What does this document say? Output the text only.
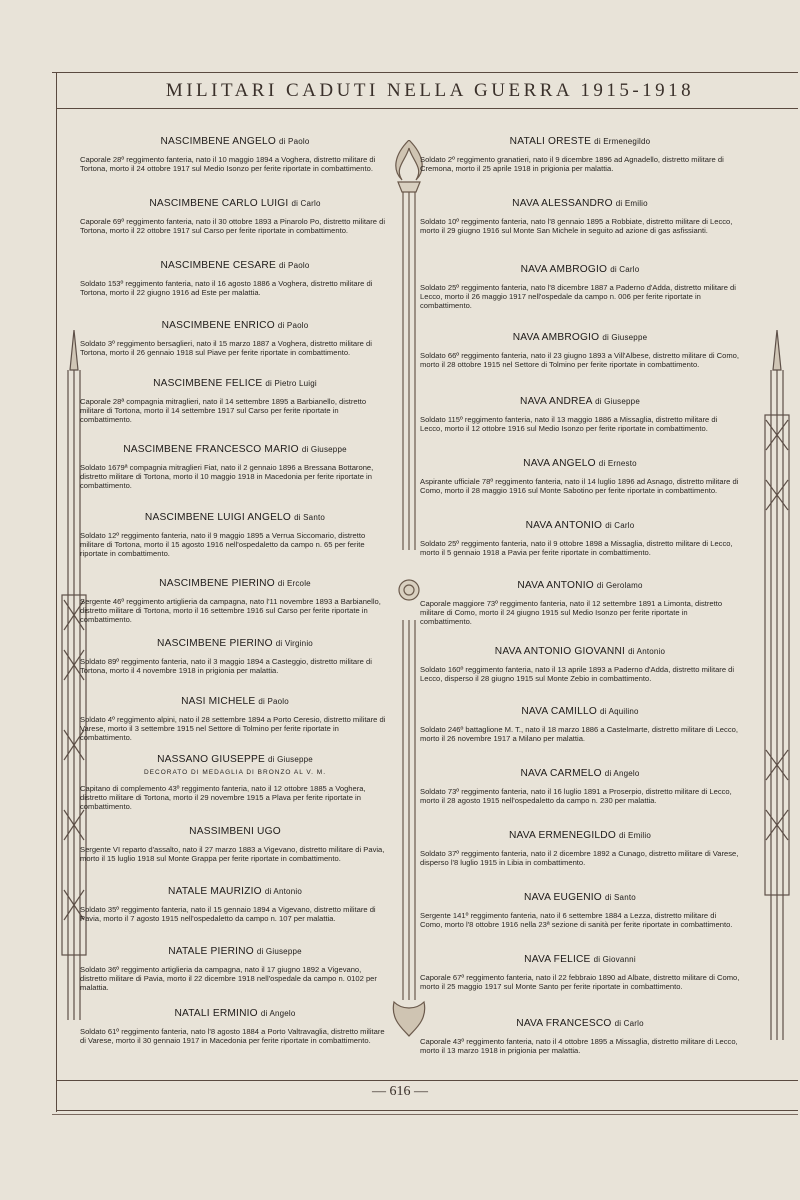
MILITARI CADUTI NELLA GUERRA 1915-1918
NASCIMBENE ANGELO di Paolo
Caporale 28º reggimento fanteria, nato il 10 maggio 1894 a Voghera, distretto militare di Tortona, morto il 24 ottobre 1917 sul Medio Isonzo per ferite riportate in combattimento.
NASCIMBENE CARLO LUIGI di Carlo
Caporale 69º reggimento fanteria, nato il 30 ottobre 1893 a Pinarolo Po, distretto militare di Tortona, morto il 22 ottobre 1917 sul Carso per ferite riportate in combattimento.
NASCIMBENE CESARE di Paolo
Soldato 153º reggimento fanteria, nato il 16 agosto 1886 a Voghera, distretto militare di Tortona, morto il 22 giugno 1916 ad Este per malattia.
NASCIMBENE ENRICO di Paolo
Soldato 3º reggimento bersaglieri, nato il 15 marzo 1887 a Voghera, distretto militare di Tortona, morto il 26 gennaio 1918 sul Piave per ferite riportate in combattimento.
NASCIMBENE FELICE di Pietro Luigi
Caporale 28ª compagnia mitraglieri, nato il 14 settembre 1895 a Barbianello, distretto militare di Tortona, morto il 14 settembre 1917 sul Carso per ferite riportate in combattimento.
NASCIMBENE FRANCESCO MARIO di Giuseppe
Soldato 1679ª compagnia mitraglieri Fiat, nato il 2 gennaio 1896 a Bressana Bottarone, distretto militare di Tortona, morto il 10 maggio 1918 in Macedonia per ferite riportate in combattimento.
NASCIMBENE LUIGI ANGELO di Santo
Soldato 12º reggimento fanteria, nato il 9 maggio 1895 a Verrua Siccomario, distretto militare di Tortona, morto il 15 agosto 1916 nell'ospedaletto da campo n. 65 per ferite riportate in combattimento.
NASCIMBENE PIERINO di Ercole
Sergente 46º reggimento artiglieria da campagna, nato l'11 novembre 1893 a Barbianello, distretto militare di Tortona, morto il 16 settembre 1916 sul Carso per ferite riportate in combattimento.
NASCIMBENE PIERINO di Virginio
Soldato 89º reggimento fanteria, nato il 3 maggio 1894 a Casteggio, distretto militare di Tortona, morto il 4 novembre 1918 in prigionia per malattia.
NASI MICHELE di Paolo
Soldato 4º reggimento alpini, nato il 28 settembre 1894 a Porto Ceresio, distretto militare di Varese, morto il 3 settembre 1915 nel Settore di Tolmino per ferite riportate in combattimento.
NASSANO GIUSEPPE di Giuseppe
DECORATO DI MEDAGLIA DI BRONZO AL V. M.
Capitano di complemento 43º reggimento fanteria, nato il 12 ottobre 1885 a Voghera, distretto militare di Tortona, morto il 29 novembre 1915 a Plava per ferite riportate in combattimento.
NASSIMBENI UGO
Sergente VI reparto d'assalto, nato il 27 marzo 1883 a Vigevano, distretto militare di Pavia, morto il 15 luglio 1918 sul Monte Grappa per ferite riportate in combattimento.
NATALE MAURIZIO di Antonio
Soldato 35º reggimento fanteria, nato il 15 gennaio 1894 a Vigevano, distretto militare di Pavia, morto il 7 agosto 1915 nell'ospedaletto da campo n. 107 per malattia.
NATALE PIERINO di Giuseppe
Soldato 36º reggimento artiglieria da campagna, nato il 17 giugno 1892 a Vigevano, distretto militare di Pavia, morto il 22 dicembre 1918 nell'ospedale da campo n. 0102 per malattia.
NATALI ERMINIO di Angelo
Soldato 61º reggimento fanteria, nato l'8 agosto 1884 a Porto Valtravaglia, distretto militare di Varese, morto il 30 gennaio 1917 in Macedonia per ferite riportate in combattimento.
NATALI ORESTE di Ermenegildo
Soldato 2º reggimento granatieri, nato il 9 dicembre 1896 ad Agnadello, distretto militare di Cremona, morto il 25 aprile 1918 in prigionia per malattia.
NAVA ALESSANDRO di Emilio
Soldato 10º reggimento fanteria, nato l'8 gennaio 1895 a Robbiate, distretto militare di Lecco, morto il 29 giugno 1916 sul Monte San Michele in seguito ad azione di gas asfissianti.
NAVA AMBROGIO di Carlo
Soldato 25º reggimento fanteria, nato l'8 dicembre 1887 a Paderno d'Adda, distretto militare di Lecco, morto il 26 maggio 1917 nell'ospedale da campo n. 006 per ferite riportate in combattimento.
NAVA AMBROGIO di Giuseppe
Soldato 66º reggimento fanteria, nato il 23 giugno 1893 a Vill'Albese, distretto militare di Como, morto il 28 ottobre 1915 nel Settore di Tolmino per ferite riportate in combattimento.
NAVA ANDREA di Giuseppe
Soldato 115º reggimento fanteria, nato il 13 maggio 1886 a Missaglia, distretto militare di Lecco, morto il 12 ottobre 1916 sul Medio Isonzo per ferite riportate in combattimento.
NAVA ANGELO di Ernesto
Aspirante ufficiale 78º reggimento fanteria, nato il 14 luglio 1896 ad Asnago, distretto militare di Como, morto il 28 maggio 1916 sul Monte Sabotino per ferite riportate in combattimento.
NAVA ANTONIO di Carlo
Soldato 25º reggimento fanteria, nato il 9 ottobre 1898 a Missaglia, distretto militare di Lecco, morto il 5 gennaio 1918 a Pavia per ferite riportate in combattimento.
NAVA ANTONIO di Gerolamo
Caporale maggiore 73º reggimento fanteria, nato il 12 settembre 1891 a Limonta, distretto militare di Como, morto il 24 giugno 1915 sul Medio Isonzo per ferite riportate in combattimento.
NAVA ANTONIO GIOVANNI di Antonio
Soldato 160º reggimento fanteria, nato il 13 aprile 1893 a Paderno d'Adda, distretto militare di Lecco, disperso il 28 giugno 1915 sul Monte Zebio in combattimento.
NAVA CAMILLO di Aquilino
Soldato 246º battaglione M. T., nato il 18 marzo 1886 a Castelmarte, distretto militare di Lecco, morto il 26 novembre 1917 a Milano per malattia.
NAVA CARMELO di Angelo
Soldato 73º reggimento fanteria, nato il 16 luglio 1891 a Proserpio, distretto militare di Lecco, morto il 28 agosto 1915 nell'ospedaletto da campo n. 230 per malattia.
NAVA ERMENEGILDO di Emilio
Soldato 37º reggimento fanteria, nato il 2 dicembre 1892 a Cunago, distretto militare di Varese, disperso l'8 luglio 1915 in Libia in combattimento.
NAVA EUGENIO di Santo
Sergente 141º reggimento fanteria, nato il 6 settembre 1884 a Lezza, distretto militare di Como, morto l'8 ottobre 1916 nella 23ª sezione di sanità per ferite riportate in combattimento.
NAVA FELICE di Giovanni
Caporale 67º reggimento fanteria, nato il 22 febbraio 1890 ad Albate, distretto militare di Como, morto il 25 maggio 1917 sul Monte Santo per ferite riportate in combattimento.
NAVA FRANCESCO di Carlo
Caporale 43º reggimento fanteria, nato il 4 ottobre 1895 a Missaglia, distretto militare di Lecco, morto il 13 marzo 1918 in prigionia per malattia.
— 616 —
